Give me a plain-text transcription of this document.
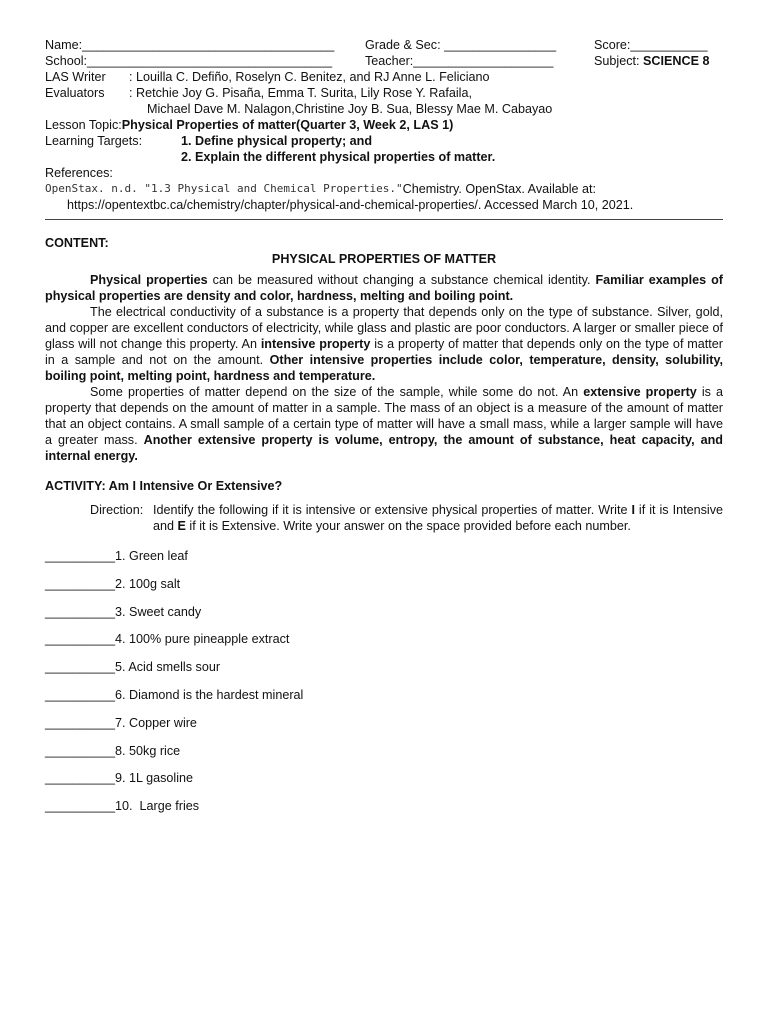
Name:____________________________________	Grade & Sec: ________________	Score:___________
School:___________________________________	Teacher:____________________	Subject: SCIENCE 8
LAS Writer	: Louilla C. Defiño, Roselyn C. Benitez, and RJ Anne L. Feliciano
Evaluators	: Retchie Joy G. Pisaña, Emma T. Surita, Lily Rose Y. Rafaila,
Michael Dave M. Nalagon,Christine Joy B. Sua, Blessy Mae M. Cabayao
Lesson Topic: Physical Properties of matter(Quarter 3, Week 2, LAS 1)
Learning Targets:	1. Define physical property; and
2. Explain the different physical properties of matter.
References:
OpenStax. n.d. "1.3 Physical and Chemical Properties." Chemistry. OpenStax. Available at:
https://opentextbc.ca/chemistry/chapter/physical-and-chemical-properties/. Accessed March 10, 2021.
CONTENT:
PHYSICAL PROPERTIES OF MATTER

Physical properties can be measured without changing a substance chemical identity. Familiar examples of physical properties are density and color, hardness, melting and boiling point.

The electrical conductivity of a substance is a property that depends only on the type of substance. Silver, gold, and copper are excellent conductors of electricity, while glass and plastic are poor conductors. A larger or smaller piece of glass will not change this property. An intensive property is a property of matter that depends only on the type of matter in a sample and not on the amount. Other intensive properties include color, temperature, density, solubility, boiling point, melting point, hardness and temperature.

Some properties of matter depend on the size of the sample, while some do not. An extensive property is a property that depends on the amount of matter in a sample. The mass of an object is a measure of the amount of matter that an object contains. A small sample of a certain type of matter will have a small mass, while a larger sample will have a greater mass. Another extensive property is volume, entropy, the amount of substance, heat capacity, and internal energy.

ACTIVITY: Am I Intensive Or Extensive?
Direction: Identify the following if it is intensive or extensive physical properties of matter. Write I if it is Intensive and E if it is Extensive. Write your answer on the space provided before each number.
__________1. Green leaf
__________2. 100g salt
__________3. Sweet candy
__________4. 100% pure pineapple extract
__________5. Acid smells sour
__________6. Diamond is the hardest mineral
__________7. Copper wire
__________8. 50kg rice
__________9. 1L gasoline
__________10.  Large fries
